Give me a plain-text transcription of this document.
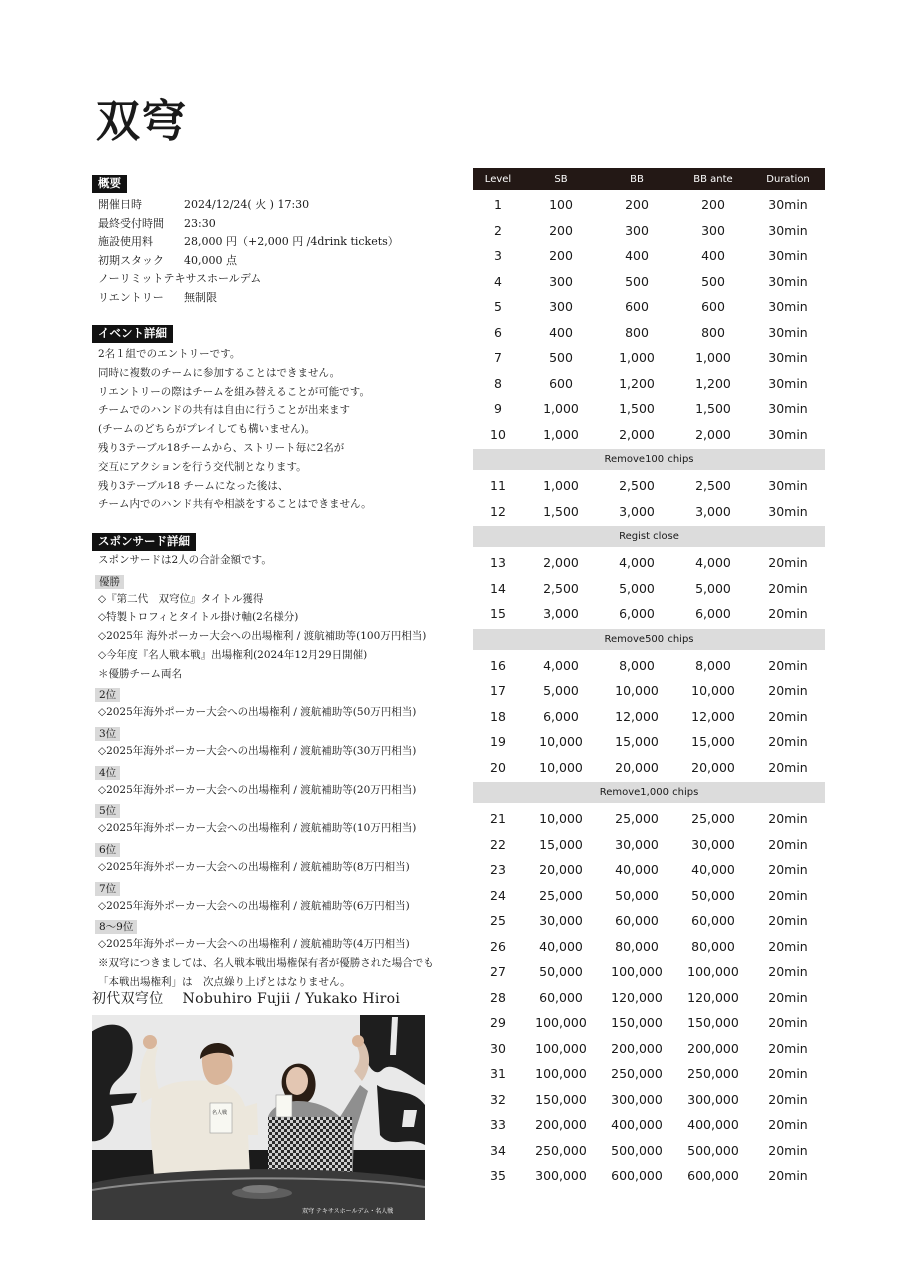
双穹
概要
開催日時	2024/12/24( 火 ) 17:30
最終受付時間	23:30
施設使用料	28,000 円（+2,000 円 /4drink tickets）
初期スタック	40,000 点
ノーリミットテキサスホールデム
リエントリー	無制限
イベント詳細
2名１組でのエントリーです。
同時に複数のチームに参加することはできません。
リエントリーの際はチームを組み替えることが可能です。
チームでのハンドの共有は自由に行うことが出来ます
(チームのどちらがプレイしても構いません)。
残り3テーブル18チームから、ストリート毎に2名が
交互にアクションを行う交代制となります。
残り3テーブル18 チームになった後は、
チーム内でのハンド共有や相談をすることはできません。
スポンサード詳細
スポンサードは2人の合計金額です。
優勝
◇『第二代　双穹位』タイトル獲得
◇特製トロフィとタイトル掛け軸(2名様分)
◇2025年 海外ポーカー大会への出場権利 / 渡航補助等(100万円相当)
◇今年度『名人戦本戦』出場権利(2024年12月29日開催)
＊優勝チーム両名
2位
◇2025年海外ポーカー大会への出場権利 / 渡航補助等(50万円相当)
3位
◇2025年海外ポーカー大会への出場権利 / 渡航補助等(30万円相当)
4位
◇2025年海外ポーカー大会への出場権利 / 渡航補助等(20万円相当)
5位
◇2025年海外ポーカー大会への出場権利 / 渡航補助等(10万円相当)
6位
◇2025年海外ポーカー大会への出場権利 / 渡航補助等(8万円相当)
7位
◇2025年海外ポーカー大会への出場権利 / 渡航補助等(6万円相当)
8～9位
◇2025年海外ポーカー大会への出場権利 / 渡航補助等(4万円相当)
※双穹につきましては、名人戦本戦出場権保有者が優勝された場合でも
「本戦出場権利」は　次点繰り上げとはなりません。

初代双穹位　 Nobuhiro Fujii / Yukako Hiroi

名人戦
双穹 テキサスホールデム・名人戦
Level	SB	BB	BB ante	Duration
1	100	200	200	30min
2	200	300	300	30min
3	200	400	400	30min
4	300	500	500	30min
5	300	600	600	30min
6	400	800	800	30min
7	500	1,000	1,000	30min
8	600	1,200	1,200	30min
9	1,000	1,500	1,500	30min
10	1,000	2,000	2,000	30min
Remove100 chips
11	1,000	2,500	2,500	30min
12	1,500	3,000	3,000	30min
Regist close
13	2,000	4,000	4,000	20min
14	2,500	5,000	5,000	20min
15	3,000	6,000	6,000	20min
Remove500 chips
16	4,000	8,000	8,000	20min
17	5,000	10,000	10,000	20min
18	6,000	12,000	12,000	20min
19	10,000	15,000	15,000	20min
20	10,000	20,000	20,000	20min
Remove1,000 chips
21	10,000	25,000	25,000	20min
22	15,000	30,000	30,000	20min
23	20,000	40,000	40,000	20min
24	25,000	50,000	50,000	20min
25	30,000	60,000	60,000	20min
26	40,000	80,000	80,000	20min
27	50,000	100,000	100,000	20min
28	60,000	120,000	120,000	20min
29	100,000	150,000	150,000	20min
30	100,000	200,000	200,000	20min
31	100,000	250,000	250,000	20min
32	150,000	300,000	300,000	20min
33	200,000	400,000	400,000	20min
34	250,000	500,000	500,000	20min
35	300,000	600,000	600,000	20min
